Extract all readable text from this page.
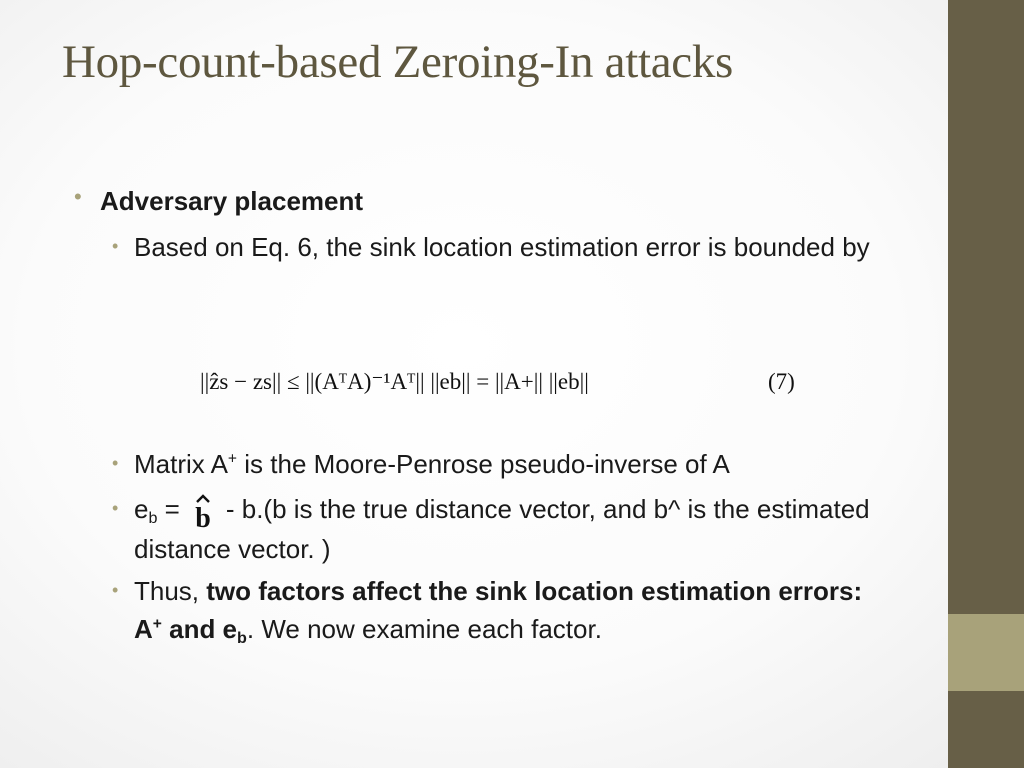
Hop-count-based Zeroing-In attacks
• Adversary placement
• Based on Eq. 6, the sink location estimation error is bounded by
||ẑs − zs|| ≤ ||(AᵀA)⁻¹Aᵀ|| ||eb|| = ||A+|| ||eb||	(7)
• Matrix A+ is the Moore-Penrose pseudo-inverse of A
• $e_b = b - b.(b$ is the true distance vector, and b^ is the estimated distance vector. )
• Thus, two factors affect the sink location estimation errors: A+ and $e_b$. We now examine each factor.
